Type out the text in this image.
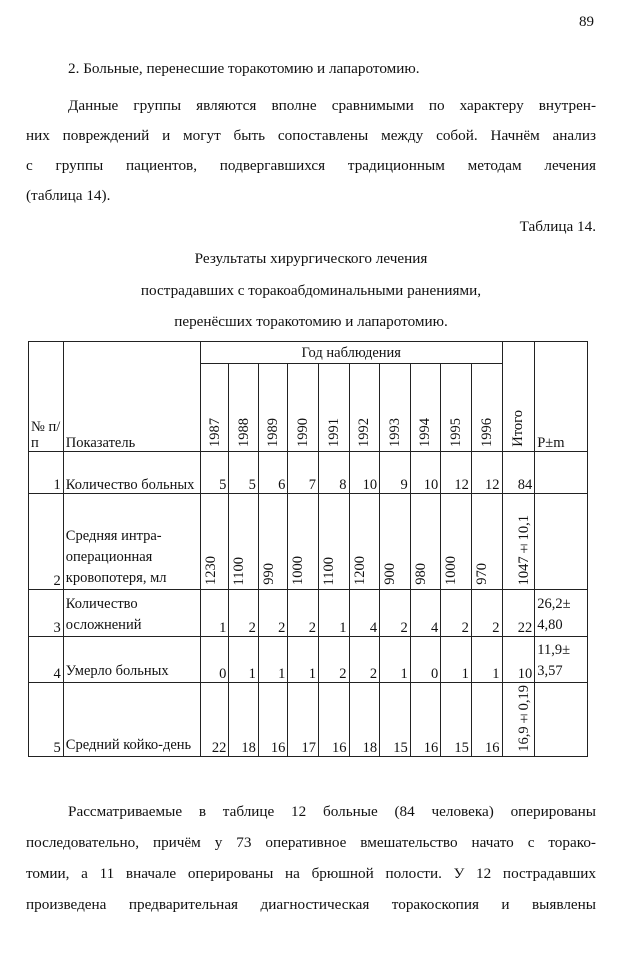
89
2. Больные, перенесшие торакотомию и лапаротомию.
Данные группы являются вполне сравнимыми по характеру внутрен-
них повреждений и могут быть сопоставлены между собой. Начнём анализ
с группы пациентов, подвергавшихся традиционным методам лечения
(таблица 14).
Таблица 14.
Результаты хирургического лечения
пострадавших с торакоабдоминальными ранениями,
перенёсших торакотомию и лапаротомию.
№ п/п	Показатель	Год наблюдения										Итого	P±m
		1987	1988	1989	1990	1991	1992	1993	1994	1995	1996		
1	Количество больных	5	5	6	7	8	10	9	10	12	12	84	
2	Средняя интра-операционная кровопотеря, мл	1230	1100	990	1000	1100	1200	900	980	1000	970	1047±10,1	
3	Количество осложнений	1	2	2	2	1	4	2	4	2	2	22	26,2± 4,80
4	Умерло больных	0	1	1	1	2	2	1	0	1	1	10	11,9± 3,57
5	Средний койко-день	22	18	16	17	16	18	15	16	15	16	16,9±0,19	
Рассматриваемые в таблице 12 больные (84 человека) оперированы
последовательно, причём у 73 оперативное вмешательство начато с торако-
томии, а 11 вначале оперированы на брюшной полости. У 12 пострадавших
произведена предварительная диагностическая торакоскопия и выявлены
